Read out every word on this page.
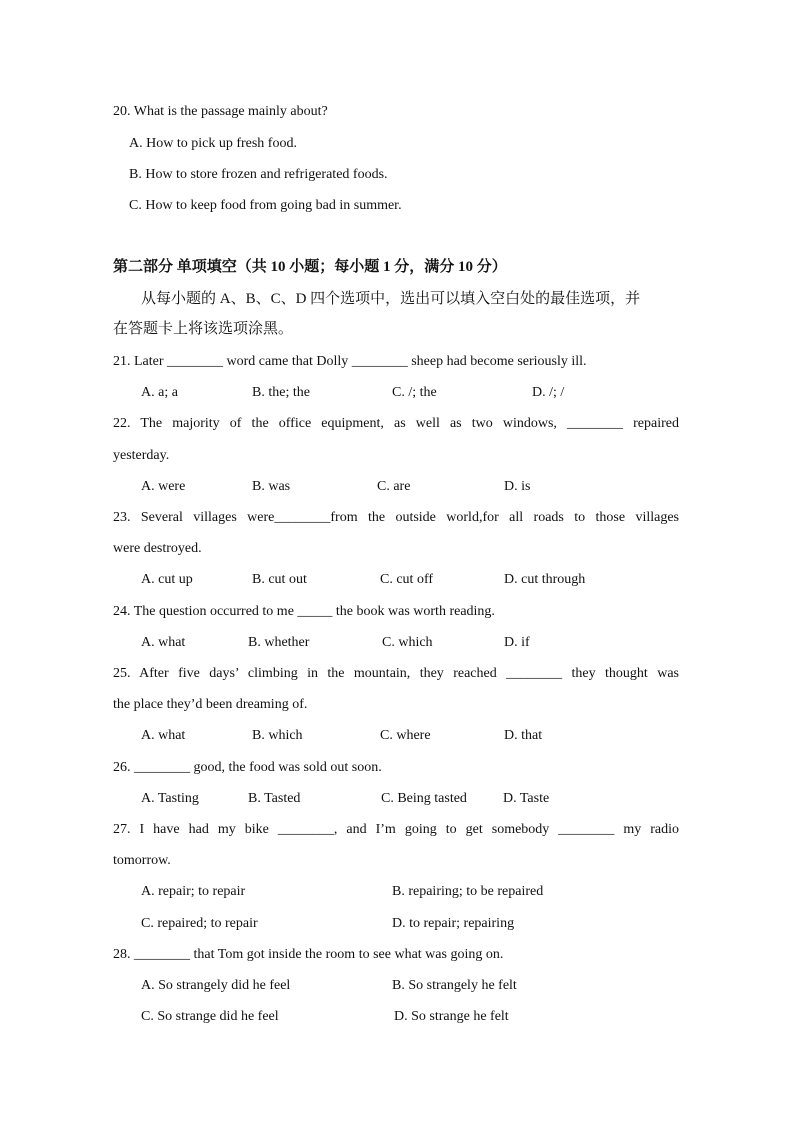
20. What is the passage mainly about?
A. How to pick up fresh food.
B. How to store frozen and refrigerated foods.
C. How to keep food from going bad in summer.
第二部分 单项填空（共 10 小题；每小题 1 分，满分 10 分）
从每小题的 A、B、C、D 四个选项中，选出可以填入空白处的最佳选项，并
在答题卡上将该选项涂黑。
21. Later ________ word came that Dolly ________ sheep had become seriously ill.
A. a; a	B. the; the	C. /; the	D. /; /
22. The majority of the office equipment, as well as two windows, ________ repaired
yesterday.
A. were	B. was	C. are	D. is
23. Several villages were________from the outside world,for all roads to those villages
were destroyed.
A. cut up	B. cut out	C. cut off	D. cut through
24. The question occurred to me _____ the book was worth reading.
A. what	B. whether	C. which	D. if
25. After five days’ climbing in the mountain, they reached ________ they thought was
the place they’d been dreaming of.
A. what	B. which	C. where	D. that
26. ________ good, the food was sold out soon.
A. Tasting	B. Tasted	C. Being tasted	D. Taste
27. I have had my bike ________, and I’m going to get somebody ________ my radio
tomorrow.
A. repair; to repair	B. repairing; to be repaired
C. repaired; to repair	D. to repair; repairing
28. ________ that Tom got inside the room to see what was going on.
A. So strangely did he feel	B. So strangely he felt
C. So strange did he feel	D. So strange he felt
